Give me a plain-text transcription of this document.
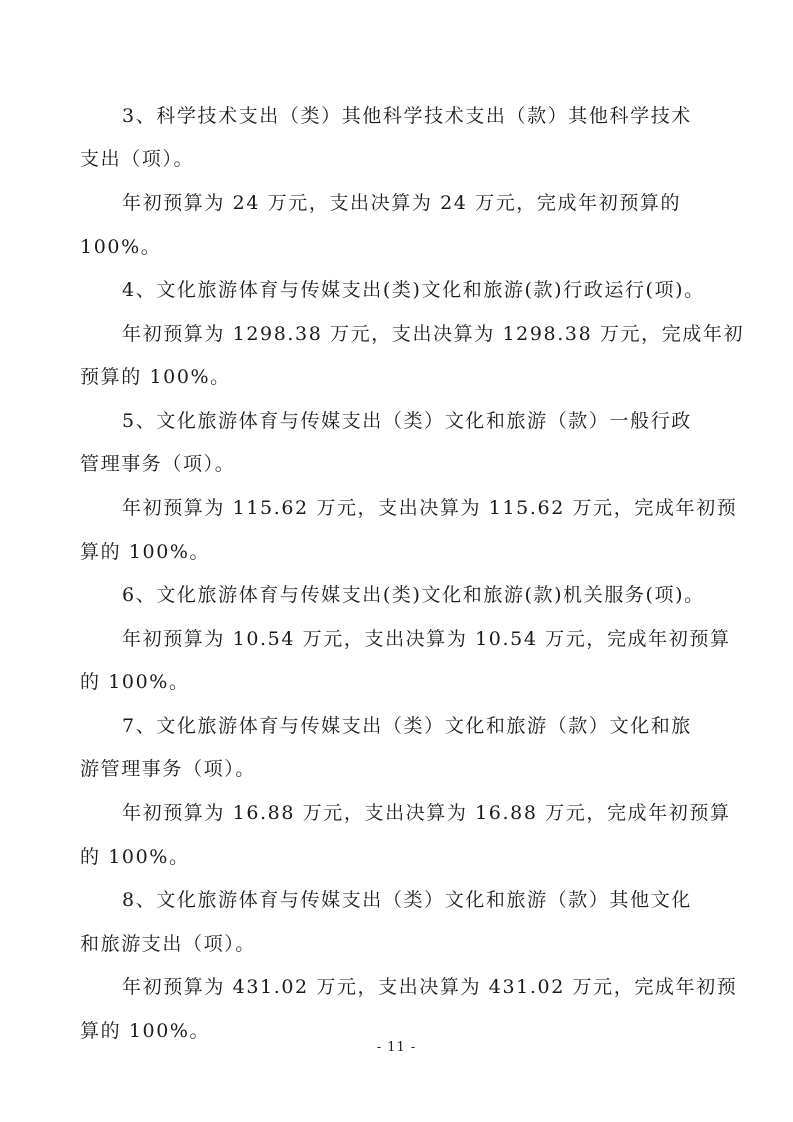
3、科学技术支出（类）其他科学技术支出（款）其他科学技术
支出（项）。
年初预算为 24 万元，支出决算为 24 万元，完成年初预算的
100%。
4、文化旅游体育与传媒支出(类)文化和旅游(款)行政运行(项)。
年初预算为 1298.38 万元，支出决算为 1298.38 万元，完成年初
预算的 100%。
5、文化旅游体育与传媒支出（类）文化和旅游（款）一般行政
管理事务（项）。
年初预算为 115.62 万元，支出决算为 115.62 万元，完成年初预
算的 100%。
6、文化旅游体育与传媒支出(类)文化和旅游(款)机关服务(项)。
年初预算为 10.54 万元，支出决算为 10.54 万元，完成年初预算
的 100%。
7、文化旅游体育与传媒支出（类）文化和旅游（款）文化和旅
游管理事务（项）。
年初预算为 16.88 万元，支出决算为 16.88 万元，完成年初预算
的 100%。
8、文化旅游体育与传媒支出（类）文化和旅游（款）其他文化
和旅游支出（项）。
年初预算为 431.02 万元，支出决算为 431.02 万元，完成年初预
算的 100%。
- 11 -
